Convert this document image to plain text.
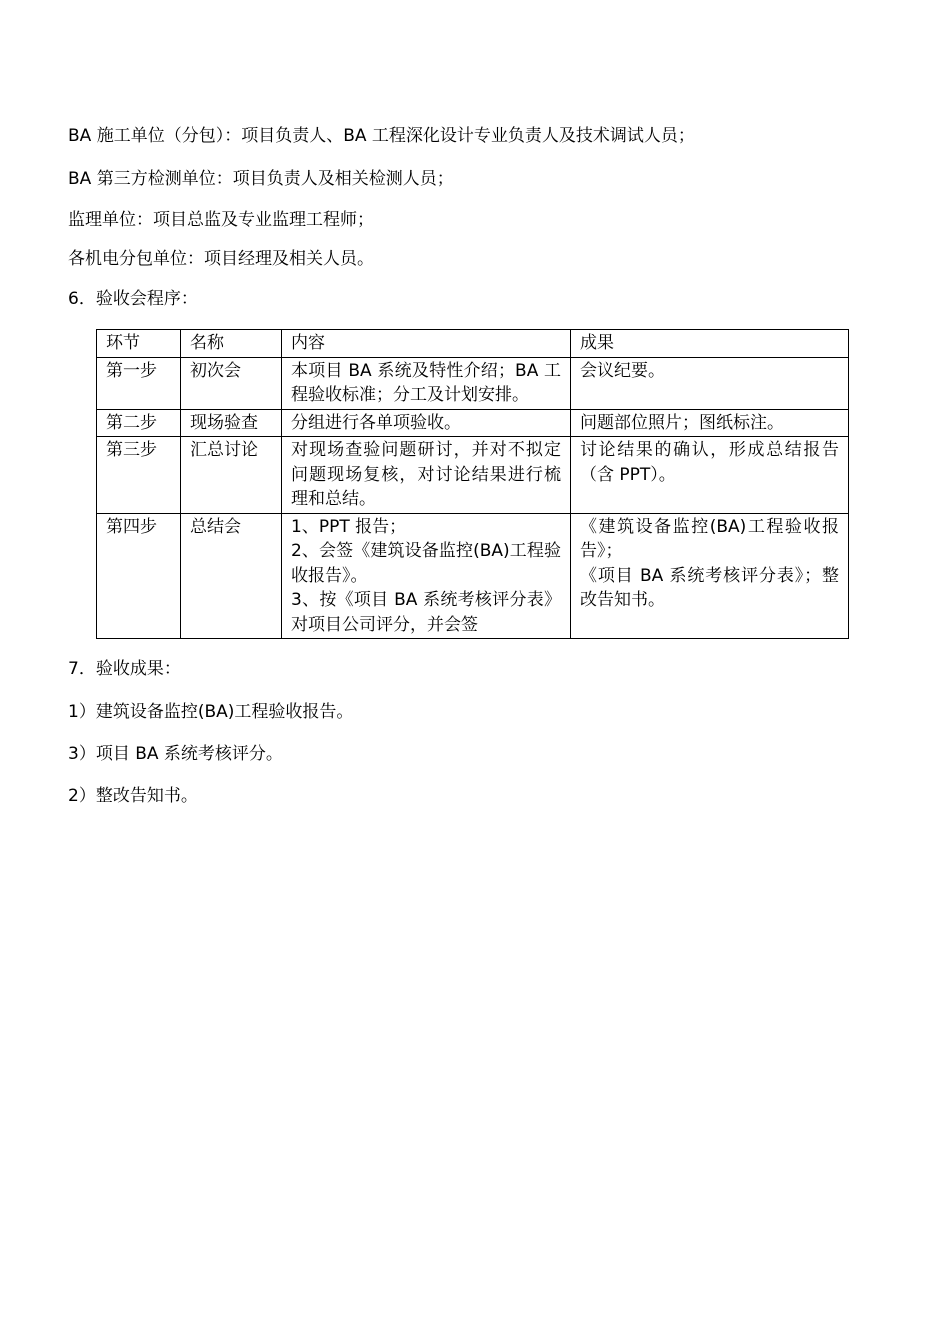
BA 施工单位（分包）：项目负责人、BA 工程深化设计专业负责人及技术调试人员；
BA 第三方检测单位：项目负责人及相关检测人员；
监理单位：项目总监及专业监理工程师；
各机电分包单位：项目经理及相关人员。
6．验收会程序：
环节	名称	内容	成果
第一步	初次会	本项目 BA 系统及特性介绍；BA 工程验收标准；分工及计划安排。	会议纪要。

第二步	现场验查	分组进行各单项验收。	问题部位照片；图纸标注。

第三步	汇总讨论	对现场查验问题研讨，并对不拟定问题现场复核，对讨论结果进行梳理和总结。	讨论结果的确认，形成总结报告（含 PPT）。

第四步	总结会	1、PPT 报告；
2、会签《建筑设备监控(BA)工程验收报告》。
3、按《项目 BA 系统考核评分表》对项目公司评分，并会签	《建筑设备监控(BA)工程验收报告》；
《项目 BA 系统考核评分表》；整改告知书。
7．验收成果：
1）建筑设备监控(BA)工程验收报告。
3）项目 BA 系统考核评分。
2）整改告知书。
